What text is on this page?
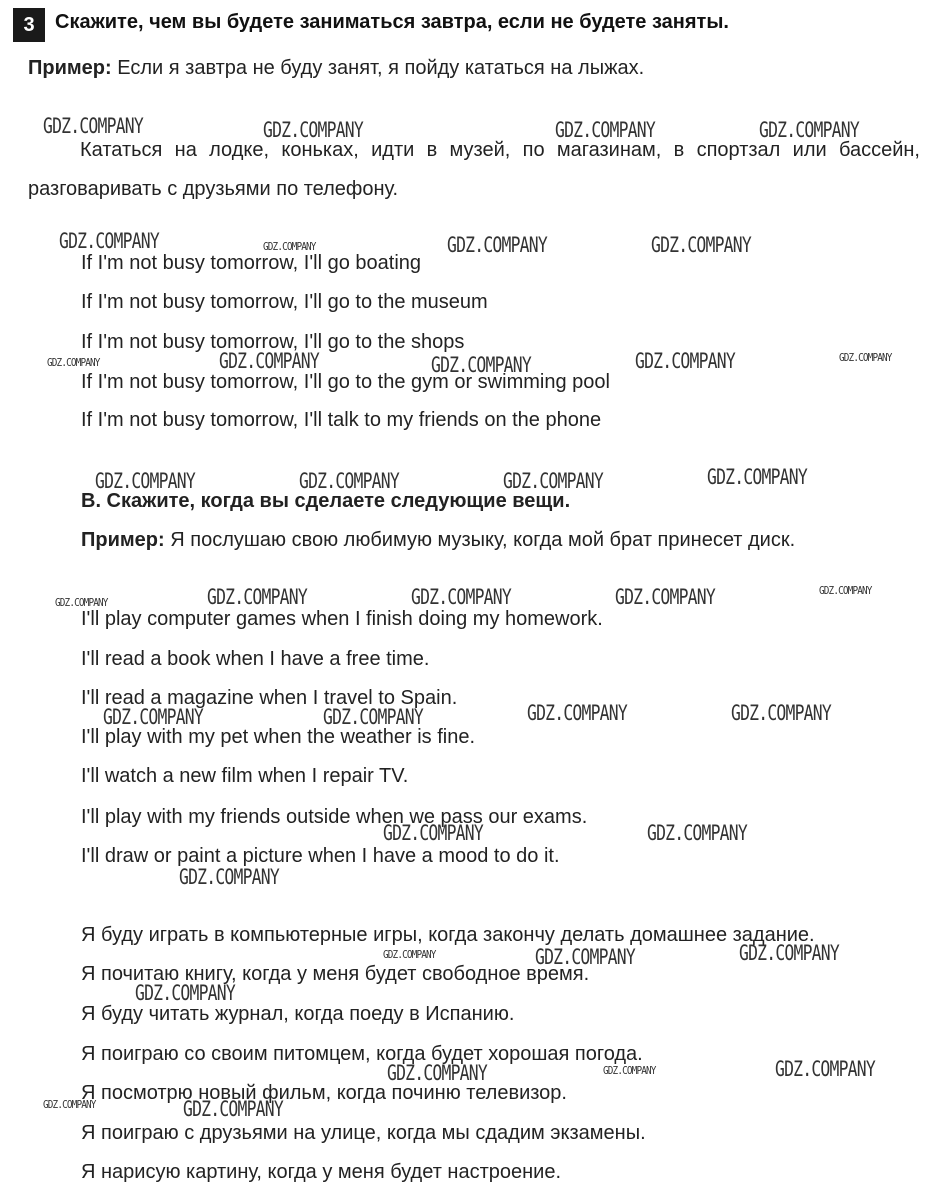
3	Скажите, чем вы будете заниматься завтра, если не будете заняты.
Пример: Если я завтра не буду занят, я пойду кататься на лыжах.
Кататься на лодке, коньках, идти в музей, по магазинам, в спортзал или бассейн, разговаривать с друзьями по телефону.
If I'm not busy tomorrow, I'll go boating
If I'm not busy tomorrow, I'll go to the museum
If I'm not busy tomorrow, I'll go to the shops
If I'm not busy tomorrow, I'll go to the gym or swimming pool
If I'm not busy tomorrow, I'll talk to my friends on the phone
B. Скажите, когда вы сделаете следующие вещи.
Пример: Я послушаю свою любимую музыку, когда мой брат принесет диск.
I'll play computer games when I finish doing my homework.
I'll read a book when I have a free time.
I'll read a magazine when I travel to Spain.
I'll play with my pet when the weather is fine.
I'll watch a new film when I repair TV.
I'll play with my friends outside when we pass our exams.
I'll draw or paint a picture when I have a mood to do it.
Я буду играть в компьютерные игры, когда закончу делать домашнее задание.
Я почитаю книгу, когда у меня будет свободное время.
Я буду читать журнал, когда поеду в Испанию.
Я поиграю со своим питомцем, когда будет хорошая погода.
Я посмотрю новый фильм, когда починю телевизор.
Я поиграю с друзьями на улице, когда мы сдадим экзамены.
Я нарисую картину, когда у меня будет настроение.
GDZ.COMPANY	GDZ.COMPANY	GDZ.COMPANY	GDZ.COMPANY
GDZ.COMPANY	GDZ.COMPANY	GDZ.COMPANY	GDZ.COMPANY
GDZ.COMPANY	GDZ.COMPANY	GDZ.COMPANY	GDZ.COMPANY	GDZ.COMPANY
GDZ.COMPANY	GDZ.COMPANY	GDZ.COMPANY	GDZ.COMPANY
GDZ.COMPANY	GDZ.COMPANY	GDZ.COMPANY	GDZ.COMPANY	GDZ.COMPANY
GDZ.COMPANY	GDZ.COMPANY	GDZ.COMPANY	GDZ.COMPANY
GDZ.COMPANY	GDZ.COMPANY
GDZ.COMPANY
GDZ.COMPANY	GDZ.COMPANY	GDZ.COMPANY
GDZ.COMPANY
GDZ.COMPANY	GDZ.COMPANY	GDZ.COMPANY
GDZ.COMPANY	GDZ.COMPANY
